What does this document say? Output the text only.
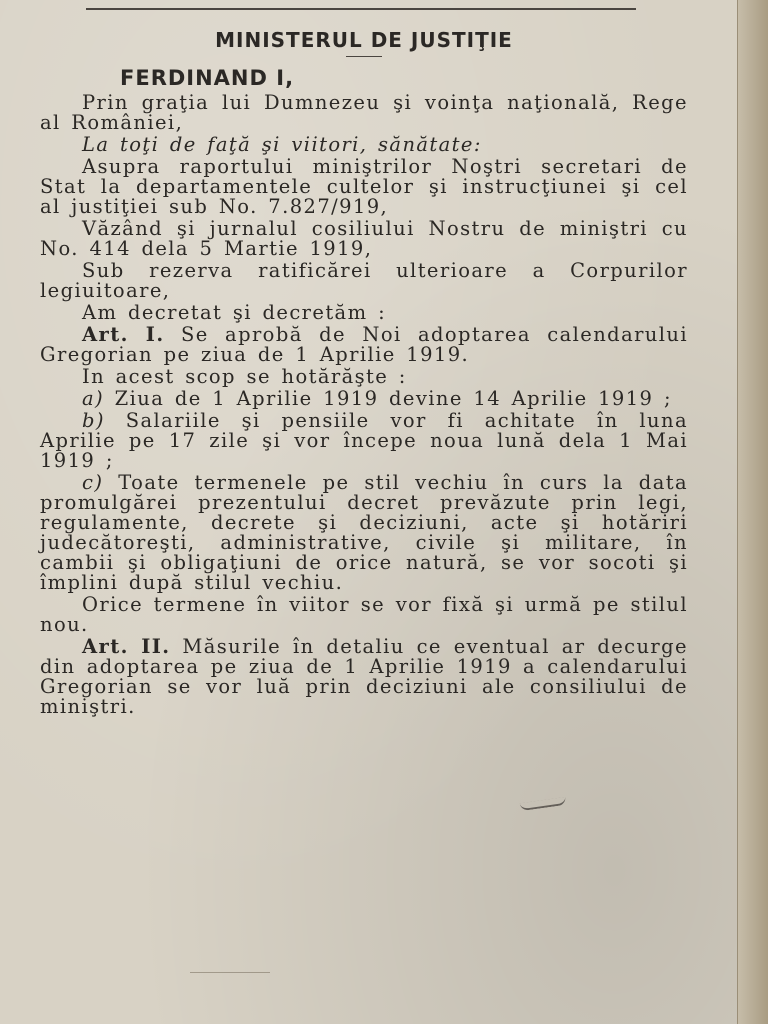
MINISTERUL DE JUSTIŢIE
FERDINAND I,

Prin graţia lui Dumnezeu şi voinţa naţională, Rege al României,

La toţi de faţă şi viitori, sănătate:

Asupra raportului miniştrilor Noştri secretari de Stat la departamentele cultelor şi instrucţiunei şi cel al justiţiei sub No. 7.827/919,

Văzând şi jurnalul cosiliului Nostru de miniştri cu No. 414 dela 5 Martie 1919,

Sub rezerva ratificărei ulterioare a Corpurilor legiuitoare,

Am decretat şi decretăm :

Art. I. Se aprobă de Noi adoptarea calendarului Gregorian pe ziua de 1 Aprilie 1919.

In acest scop se hotărăşte :

a) Ziua de 1 Aprilie 1919 devine 14 Aprilie 1919 ;

b) Salariile şi pensiile vor fi achitate în luna Aprilie pe 17 zile şi vor începe noua lună dela 1 Mai 1919 ;

c) Toate termenele pe stil vechiu în curs la data promulgărei prezentului decret prevăzute prin legi, regulamente, decrete şi deciziuni, acte şi hotăriri judecătoreşti, administrative, civile şi militare, în cambii şi obligaţiuni de orice natură, se vor socoti şi împlini după stilul vechiu.

Orice termene în viitor se vor fixă şi urmă pe stilul nou.

Art. II. Măsurile în detaliu ce eventual ar decurge din adoptarea pe ziua de 1 Aprilie 1919 a calendarului Gregorian se vor luă prin deciziuni ale consiliului de miniştri.
